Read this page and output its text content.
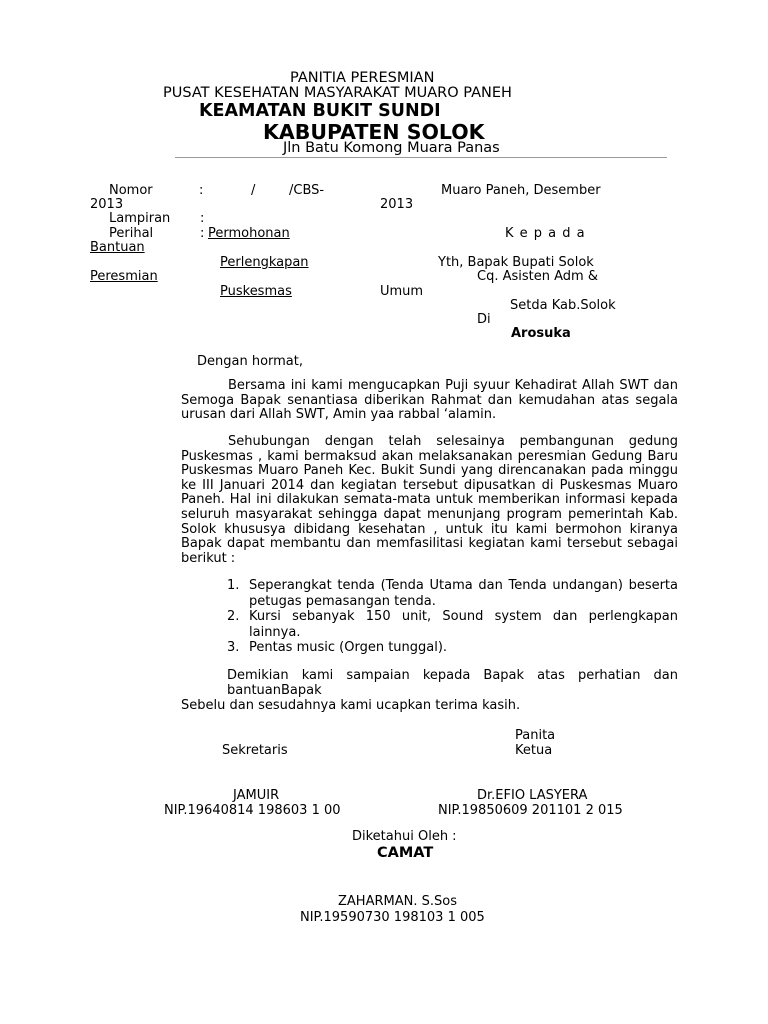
PANITIA PERESMIAN
PUSAT KESEHATAN MASYARAKAT MUARO PANEH
KEAMATAN BUKIT SUNDI
KABUPATEN SOLOK
Jln Batu Komong Muara Panas
Nomor	:	/	/CBS-
2013
Muaro Paneh, Desember
2013
Lampiran :
Perihal	: Permohonan
Bantuan
K e p a d a
Perlengkapan
Peresmian
Puskesmas
Yth, Bapak Bupati Solok
Cq. Asisten Adm &
Umum
Setda Kab.Solok
Di
Arosuka
Dengan hormat,

Bersama ini kami mengucapkan Puji syuur Kehadirat Allah SWT dan Semoga Bapak senantiasa diberikan Rahmat dan kemudahan atas segala urusan dari Allah SWT, Amin yaa rabbal ‘alamin.

Sehubungan dengan telah selesainya pembangunan gedung Puskesmas , kami bermaksud akan melaksanakan peresmian Gedung Baru Puskesmas Muaro Paneh Kec. Bukit Sundi yang direncanakan pada minggu ke III Januari 2014 dan kegiatan tersebut dipusatkan di Puskesmas Muaro Paneh. Hal ini dilakukan semata-mata untuk memberikan informasi kepada seluruh masyarakat sehingga dapat menunjang program pemerintah Kab. Solok khususya dibidang kesehatan , untuk itu kami bermohon kiranya Bapak dapat membantu dan memfasilitasi kegiatan kami tersebut sebagai berikut :

1. Seperangkat tenda (Tenda Utama dan Tenda undangan) beserta petugas pemasangan tenda.
2. Kursi sebanyak 150 unit, Sound system dan perlengkapan lainnya.
3. Pentas music (Orgen tunggal).

Demikian kami sampaian kepada Bapak atas perhatian dan bantuanBapak

Sebelu dan sesudahnya kami ucapkan terima kasih.
Panita
Sekretaris	Ketua
JAMUIR
NIP.19640814 198603 1 00
Dr.EFIO LASYERA
NIP.19850609 201101 2 015
Diketahui Oleh :
CAMAT
ZAHARMAN. S.Sos
NIP.19590730 198103 1 005
